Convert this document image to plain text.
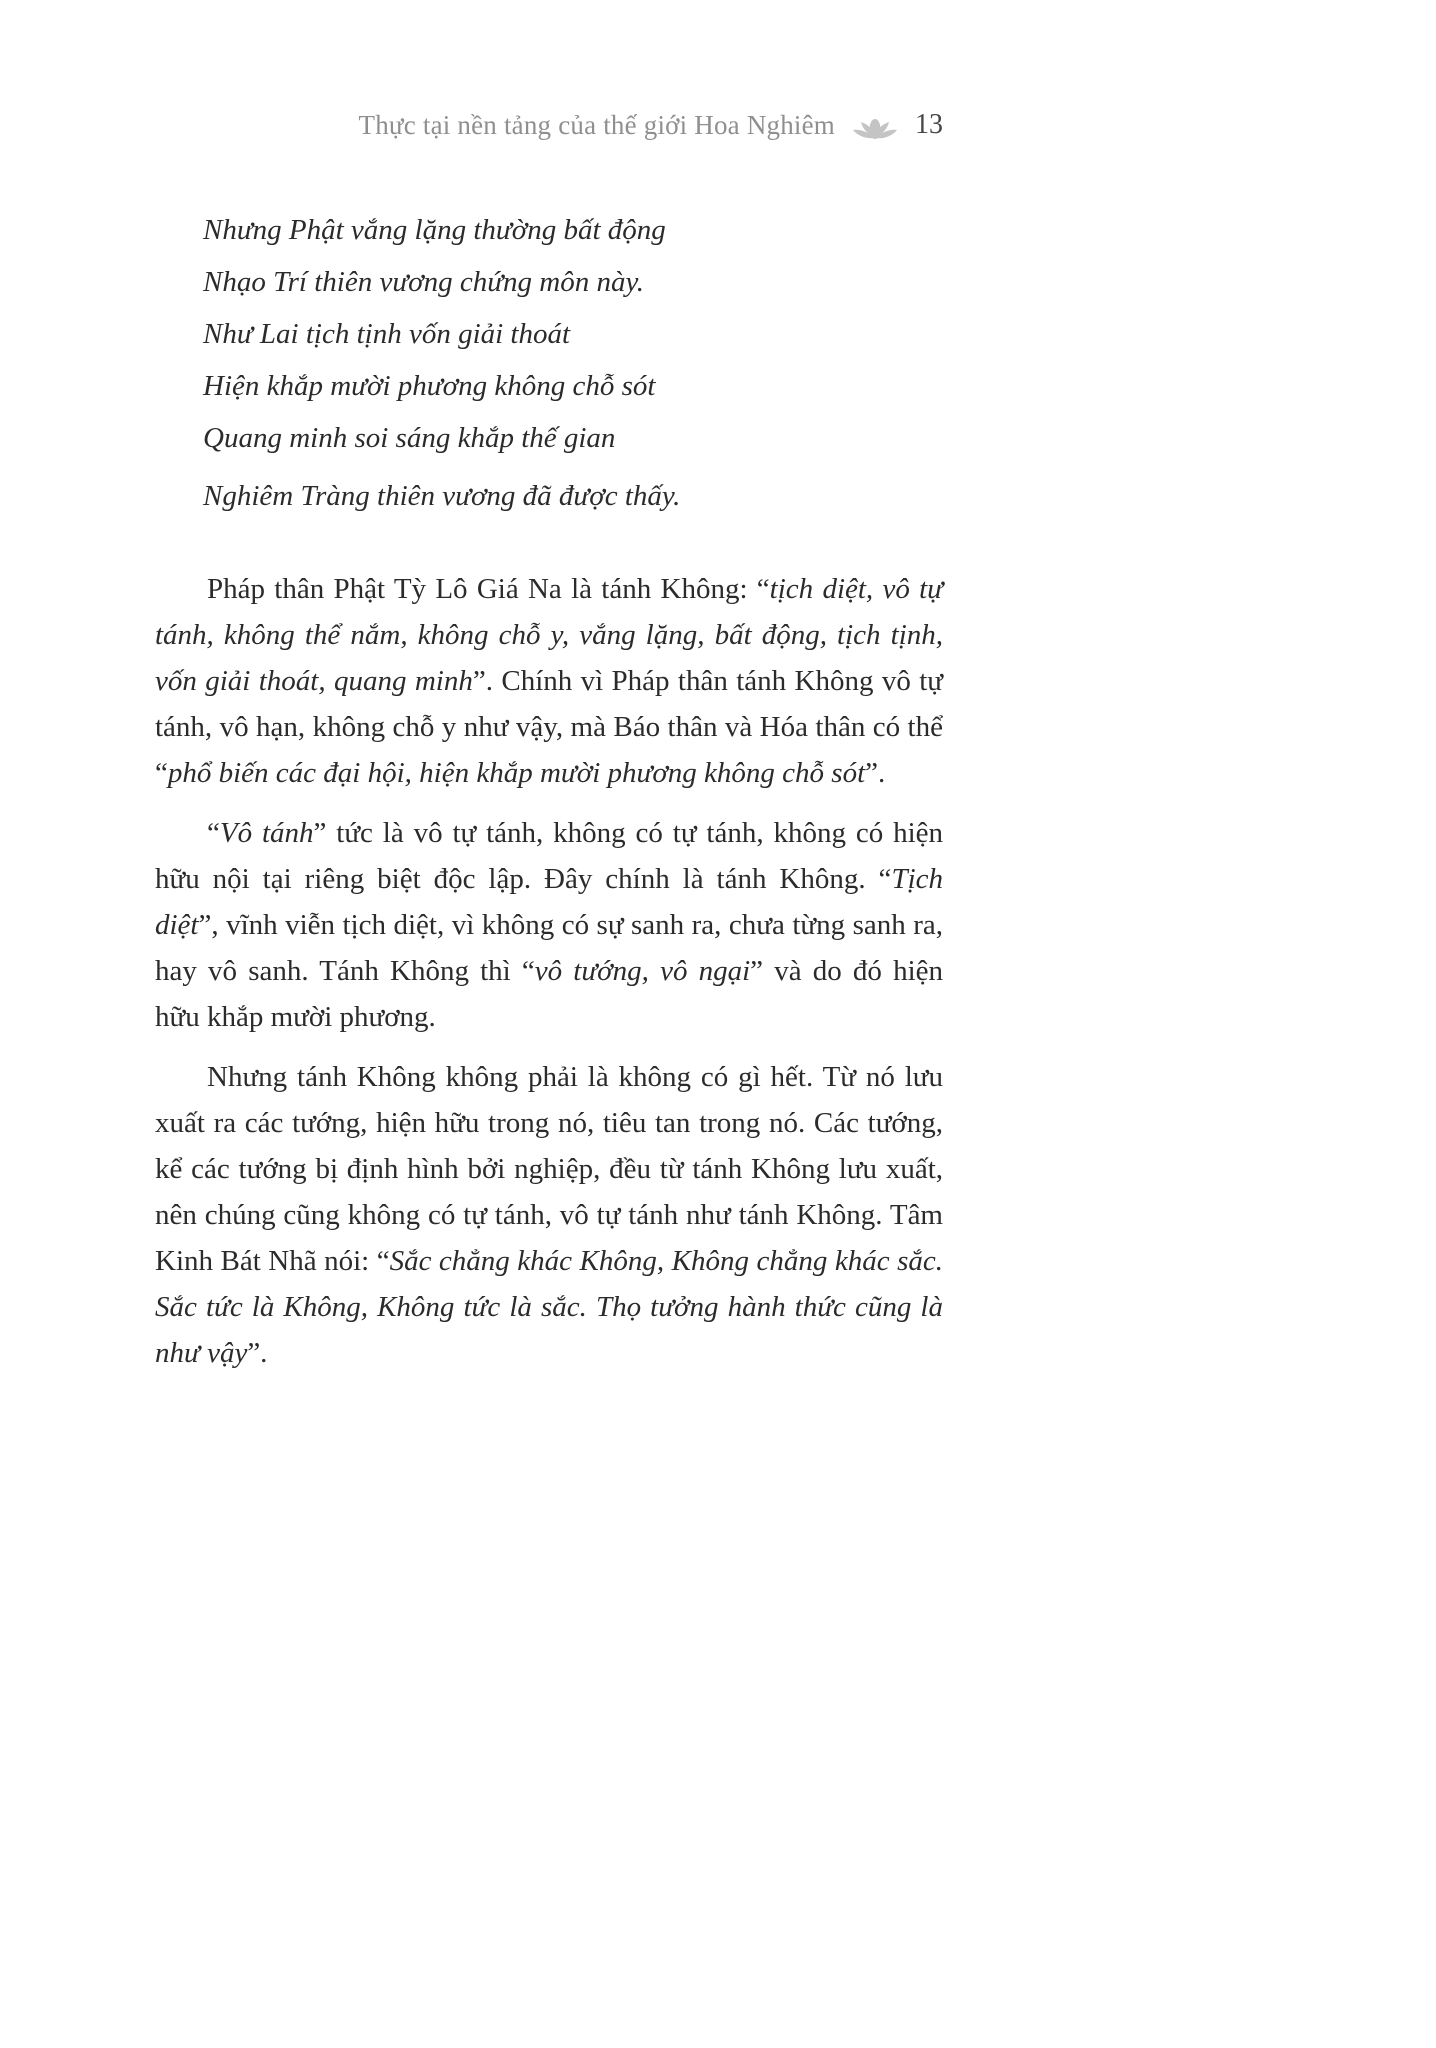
Thực tại nền tảng của thế giới Hoa Nghiêm	13
Nhưng Phật vắng lặng thường bất động
Nhạo Trí thiên vương chứng môn này.
Như Lai tịch tịnh vốn giải thoát
Hiện khắp mười phương không chỗ sót
Quang minh soi sáng khắp thế gian
Nghiêm Tràng thiên vương đã được thấy.

Pháp thân Phật Tỳ Lô Giá Na là tánh Không: “tịch diệt, vô tự tánh, không thể nắm, không chỗ y, vắng lặng, bất động, tịch tịnh, vốn giải thoát, quang minh”. Chính vì Pháp thân tánh Không vô tự tánh, vô hạn, không chỗ y như vậy, mà Báo thân và Hóa thân có thể “phổ biến các đại hội, hiện khắp mười phương không chỗ sót”.

“Vô tánh” tức là vô tự tánh, không có tự tánh, không có hiện hữu nội tại riêng biệt độc lập. Đây chính là tánh Không. “Tịch diệt”, vĩnh viễn tịch diệt, vì không có sự sanh ra, chưa từng sanh ra, hay vô sanh. Tánh Không thì “vô tướng, vô ngại” và do đó hiện hữu khắp mười phương.

Nhưng tánh Không không phải là không có gì hết. Từ nó lưu xuất ra các tướng, hiện hữu trong nó, tiêu tan trong nó. Các tướng, kể các tướng bị định hình bởi nghiệp, đều từ tánh Không lưu xuất, nên chúng cũng không có tự tánh, vô tự tánh như tánh Không. Tâm Kinh Bát Nhã nói: “Sắc chẳng khác Không, Không chẳng khác sắc. Sắc tức là Không, Không tức là sắc. Thọ tưởng hành thức cũng là như vậy”.
